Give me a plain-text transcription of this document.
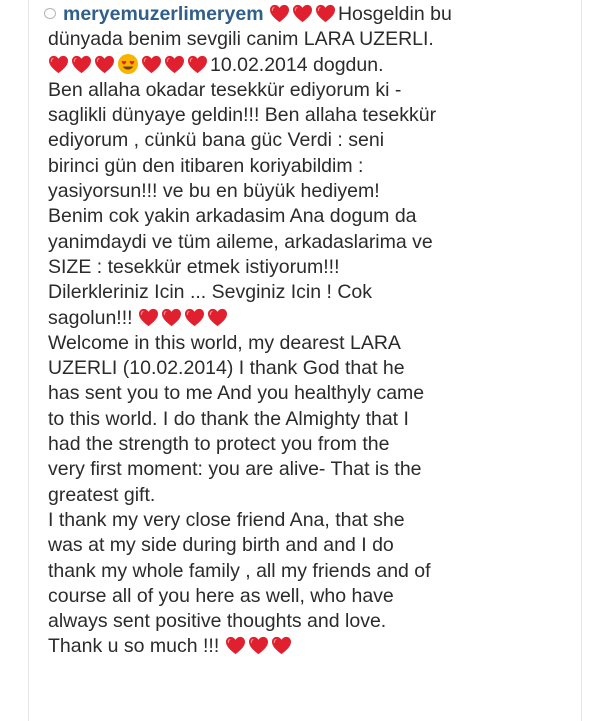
meryemuzerlimeryem	Hosgeldin bu
dünyada benim sevgili canim LARA UZERLI.
10.02.2014 dogdun.
Ben allaha okadar tesekkür ediyorum ki -
saglikli dünyaye geldin!!! Ben allaha tesekkür
ediyorum , cünkü bana güc Verdi : seni
birinci gün den itibaren koriyabildim :
yasiyorsun!!! ve bu en büyük hediyem!
Benim cok yakin arkadasim Ana dogum da
yanimdaydi ve tüm aileme, arkadaslarima ve
SIZE : tesekkür etmek istiyorum!!!
Dilerkleriniz Icin ... Sevginiz Icin ! Cok
sagolun!!!
Welcome in this world, my dearest LARA
UZERLI (10.02.2014) I thank God that he
has sent you to me And you healthyly came
to this world. I do thank the Almighty that I
had the strength to protect you from the
very first moment: you are alive- That is the
greatest gift.
I thank my very close friend Ana, that she
was at my side during birth and and I do
thank my whole family , all my friends and of
course all of you here as well, who have
always sent positive thoughts and love.
Thank u so much !!!
